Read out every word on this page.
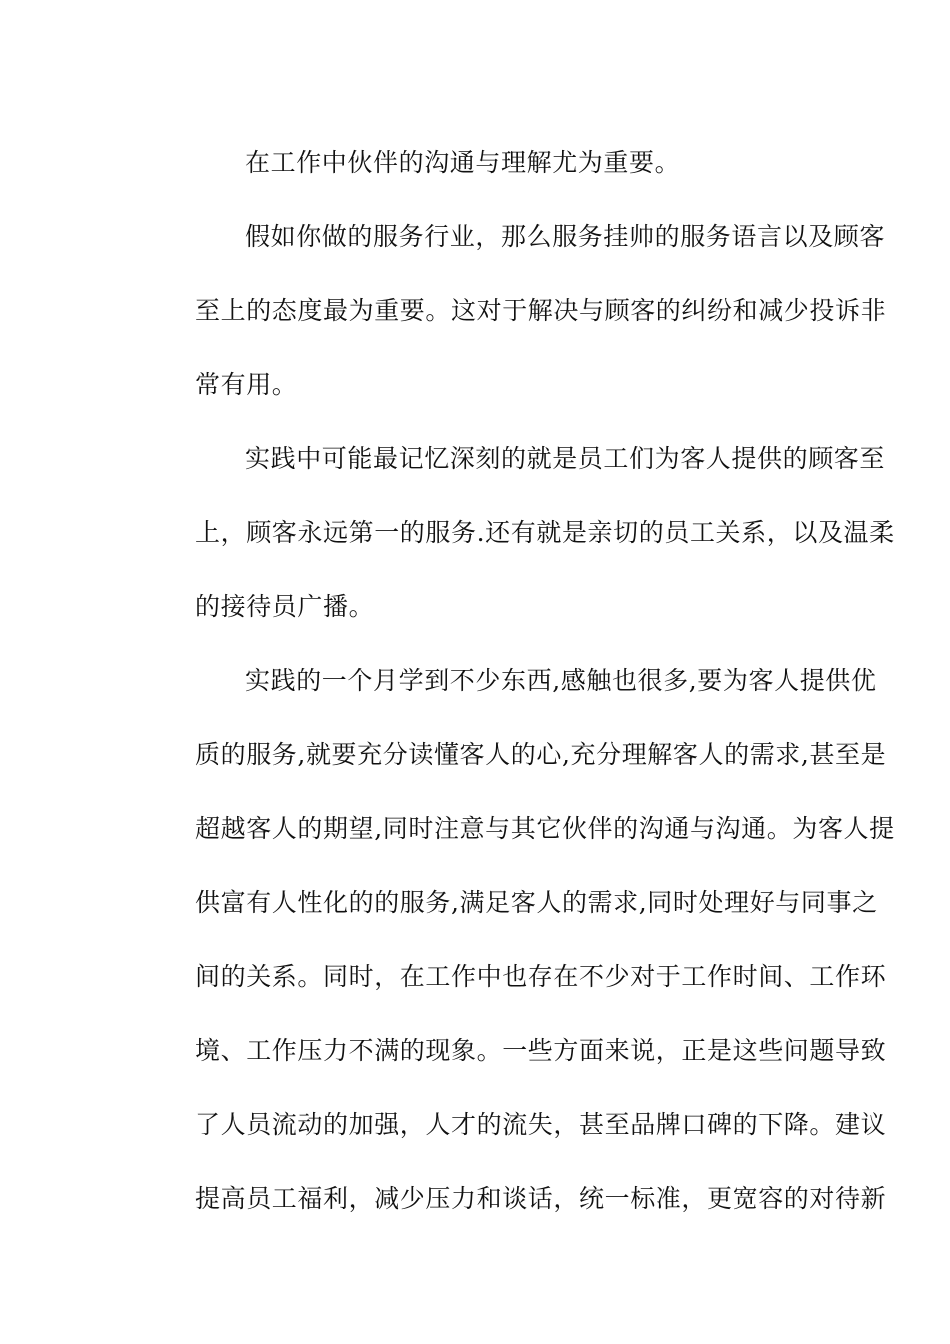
在工作中伙伴的沟通与理解尤为重要。
假如你做的服务行业，那么服务挂帅的服务语言以及顾客
至上的态度最为重要。这对于解决与顾客的纠纷和减少投诉非
常有用。
实践中可能最记忆深刻的就是员工们为客人提供的顾客至
上，顾客永远第一的服务.还有就是亲切的员工关系，以及温柔
的接待员广播。
实践的一个月学到不少东西,感触也很多,要为客人提供优
质的服务,就要充分读懂客人的心,充分理解客人的需求,甚至是
超越客人的期望,同时注意与其它伙伴的沟通与沟通。为客人提
供富有人性化的的服务,满足客人的需求,同时处理好与同事之
间的关系。同时，在工作中也存在不少对于工作时间、工作环
境、工作压力不满的现象。一些方面来说，正是这些问题导致
了人员流动的加强，人才的流失，甚至品牌口碑的下降。建议
提高员工福利，减少压力和谈话，统一标准，更宽容的对待新
